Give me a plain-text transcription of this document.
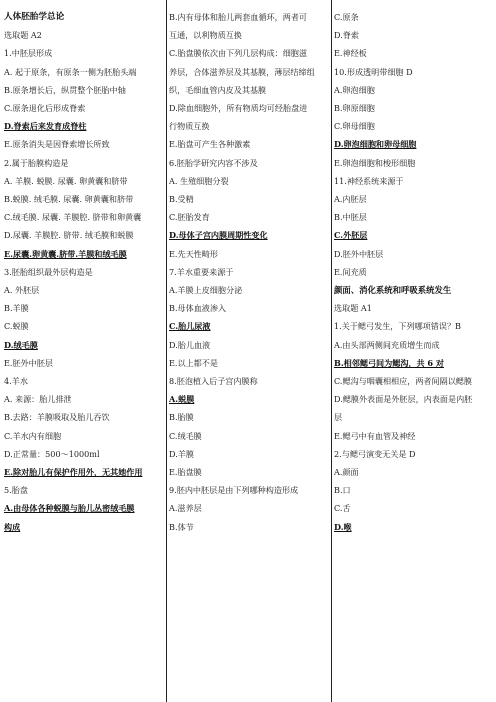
人体胚胎学总论
选取题 A2
1.中胚层形成
A. 起于原条，有原条一侧为胚胎头端
B.原条增长后，纵贯整个胚胎中轴
C.原条退化后形成脊索
D.脊索后来发育成脊柱
E.原条消失是因脊索增长所致
2.属于胎膜构造是
A. 羊膜. 蜕膜. 尿囊. 卵黄囊和脐带
B.蜕膜. 绒毛膜. 尿囊. 卵黄囊和脐带
C.绒毛膜. 尿囊. 羊膜腔. 脐带和卵黄囊
D.尿囊. 羊膜腔. 脐带. 绒毛膜和蜕膜
E.尿囊.卵黄囊.脐带.羊膜和绒毛膜
3.胚胎组织最外层构造是
A. 外胚层
B.羊膜
C.蜕膜
D.绒毛膜
E.胚外中胚层
4.羊水
A. 来源：胎儿排泄
B.去路：羊膜吸取及胎儿吞饮
C.羊水内有细胞
D.正常量：500～1000ml
E.除对胎儿有保护作用外，无其她作用
5.胎盘
A.由母体各种蜕膜与胎儿丛密绒毛膜
构成
B.内有母体和胎儿两套血循环，两者可
互通，以利物质互换
C.胎盘膜依次由下列几层构成：细胞滋
养层，合体滋养层及其基膜，薄层结缔组
织，毛细血管内皮及其基膜
D.除血细胞外，所有物质均可经胎盘进
行物质互换
E.胎盘可产生各种激素
6.胚胎学研究内容不涉及
A. 生殖细胞分裂
B.受精
C.胚胎发育
D.母体子宫内膜周期性变化
E.先天性畸形
7.羊水重要来源于
A.羊膜上皮细胞分泌
B.母体血液渗入
C.胎儿尿液
D.胎儿血液
E.以上都不是
8.胚泡植入后子宫内膜称
A.蜕膜
B.胎膜
C.绒毛膜
D.羊膜
E.胎盘膜
9.胚内中胚层是由下列哪种构造形成
A.滋养层
B.体节
C.原条
D.脊索
E.神经板
10.形成透明带细胞 D
A.卵泡细胞
B.卵原细胞
C.卵母细胞
D.卵泡细胞和卵母细胞
E.卵泡细胞和梭形细胞
11.神经系统来源于
A.内胚层
B.中胚层
C.外胚层
D.胚外中胚层
E.间充质
颜面、消化系统和呼吸系统发生
选取题 A1
1.关于鳃弓发生，下列哪项错误？B
A.由头部两侧间充质增生而成
B.相邻鳃弓间为鳃沟，共 6 对
C.鳃沟与咽囊相相应，两者间隔以鳃膜
D.鳃膜外表面是外胚层，内表面是内胚
层
E.鳃弓中有血管及神经
2.与鳃弓演变无关是 D
A.颜面
B.口
C.舌
D.喉
